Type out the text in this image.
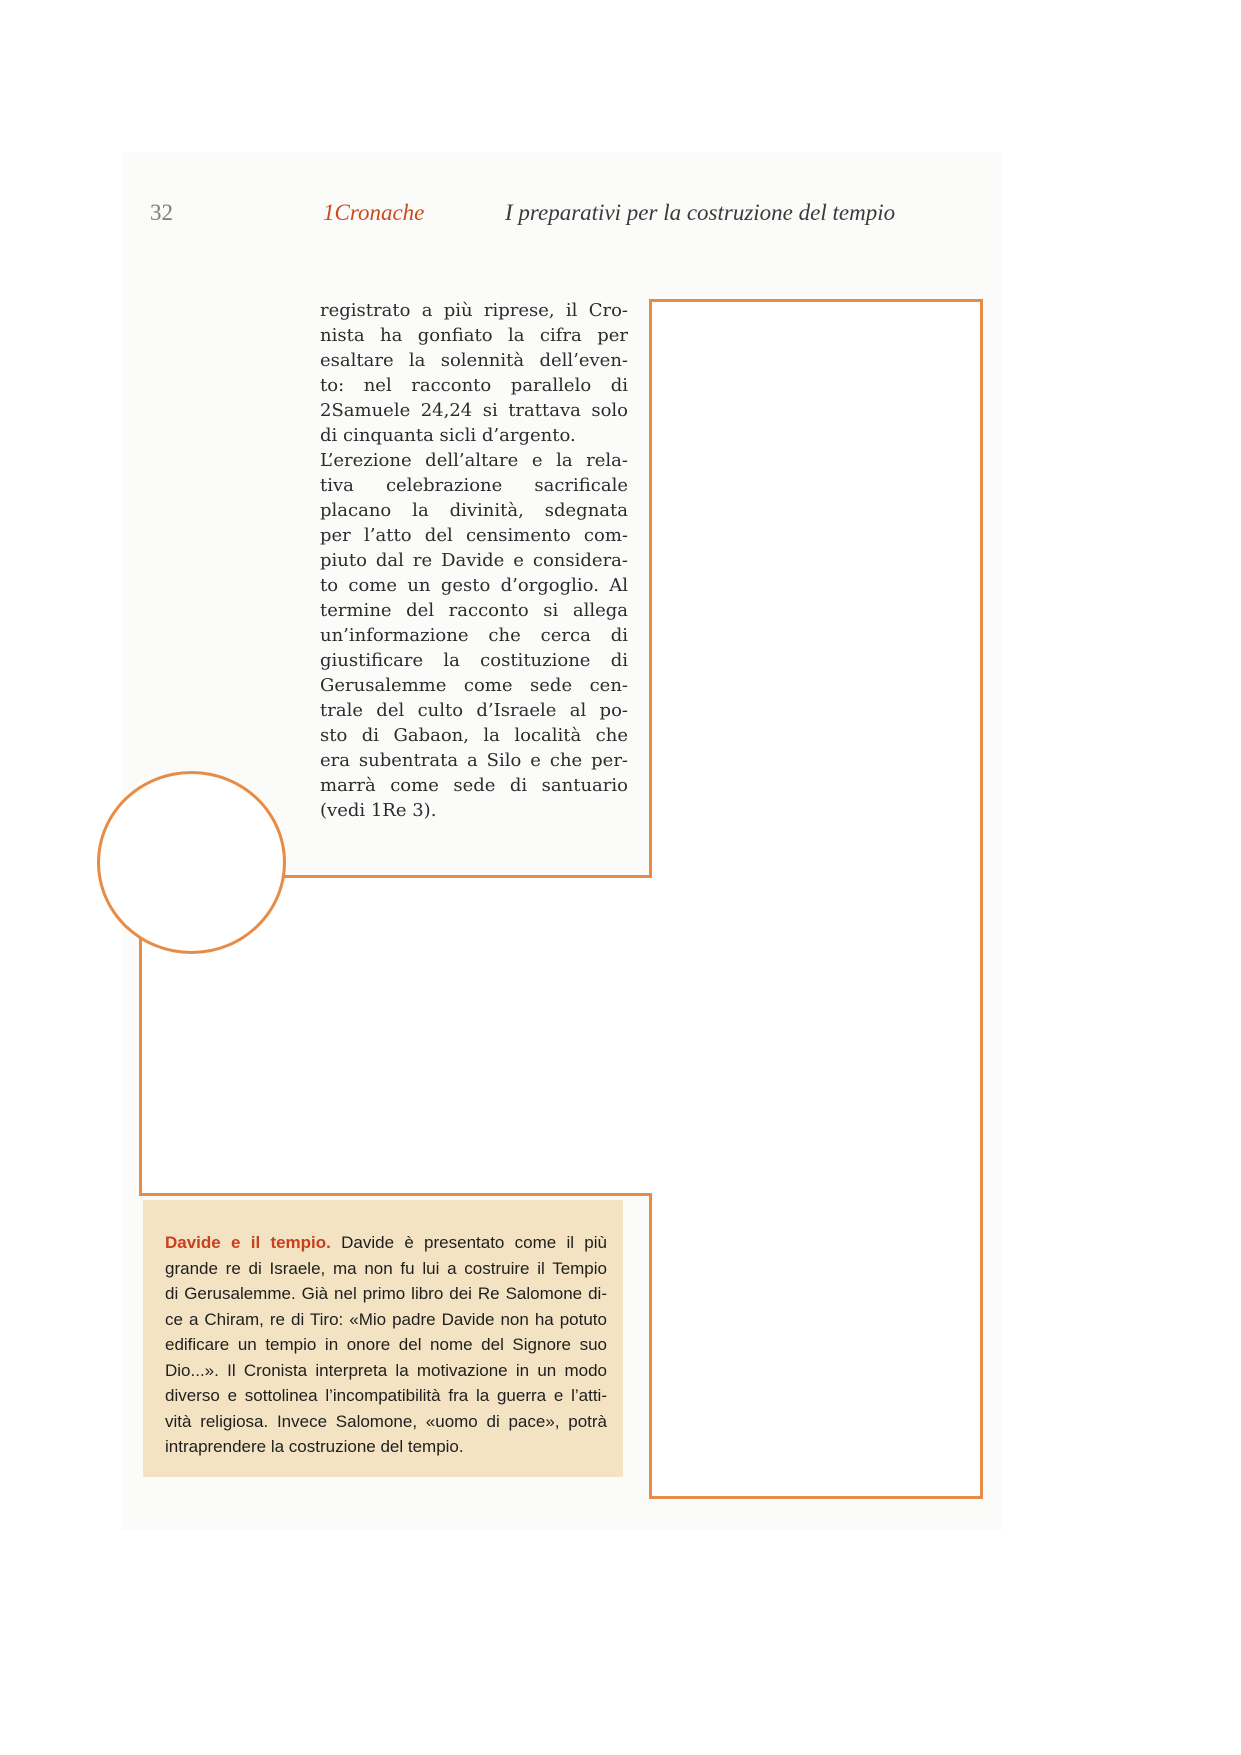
32	1Cronache	I preparativi per la costruzione del tempio
registrato a più riprese, il Cro-
nista ha gonfiato la cifra per
esaltare la solennità dell’even-
to: nel racconto parallelo di
2Samuele 24,24 si trattava solo
di cinquanta sicli d’argento.
L’erezione dell’altare e la rela-
tiva celebrazione sacrificale
placano la divinità, sdegnata
per l’atto del censimento com-
piuto dal re Davide e considera-
to come un gesto d’orgoglio. Al
termine del racconto si allega
un’informazione che cerca di
giustificare la costituzione di
Gerusalemme come sede cen-
trale del culto d’Israele al po-
sto di Gabaon, la località che
era subentrata a Silo e che per-
marrà come sede di santuario
(vedi 1Re 3).
Davide e il tempio. Davide è presentato come il più
grande re di Israele, ma non fu lui a costruire il Tempio
di Gerusalemme. Già nel primo libro dei Re Salomone di-
ce a Chiram, re di Tiro: «Mio padre Davide non ha potuto
edificare un tempio in onore del nome del Signore suo
Dio...». Il Cronista interpreta la motivazione in un modo
diverso e sottolinea l’incompatibilità fra la guerra e l’atti-
vità religiosa. Invece Salomone, «uomo di pace», potrà
intraprendere la costruzione del tempio.
